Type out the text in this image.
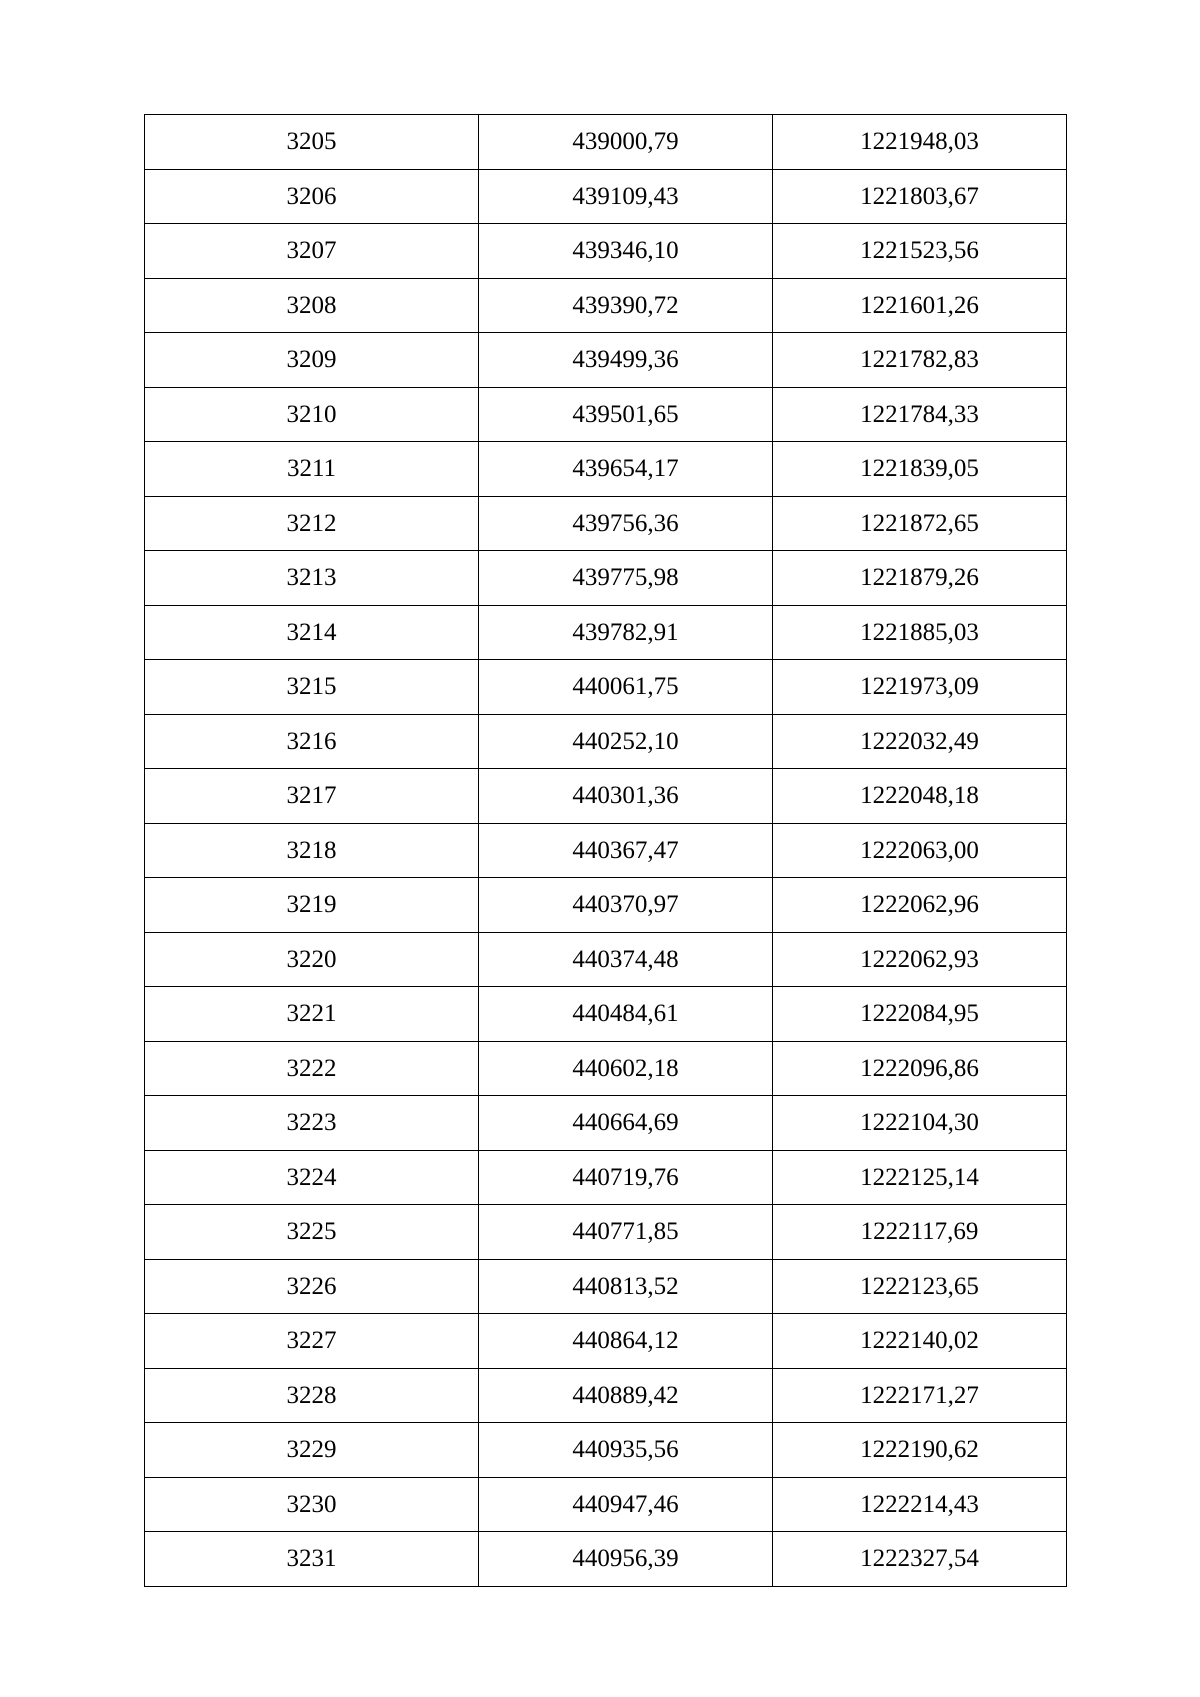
3205	439000,79	1221948,03
3206	439109,43	1221803,67
3207	439346,10	1221523,56
3208	439390,72	1221601,26
3209	439499,36	1221782,83
3210	439501,65	1221784,33
3211	439654,17	1221839,05
3212	439756,36	1221872,65
3213	439775,98	1221879,26
3214	439782,91	1221885,03
3215	440061,75	1221973,09
3216	440252,10	1222032,49
3217	440301,36	1222048,18
3218	440367,47	1222063,00
3219	440370,97	1222062,96
3220	440374,48	1222062,93
3221	440484,61	1222084,95
3222	440602,18	1222096,86
3223	440664,69	1222104,30
3224	440719,76	1222125,14
3225	440771,85	1222117,69
3226	440813,52	1222123,65
3227	440864,12	1222140,02
3228	440889,42	1222171,27
3229	440935,56	1222190,62
3230	440947,46	1222214,43
3231	440956,39	1222327,54
